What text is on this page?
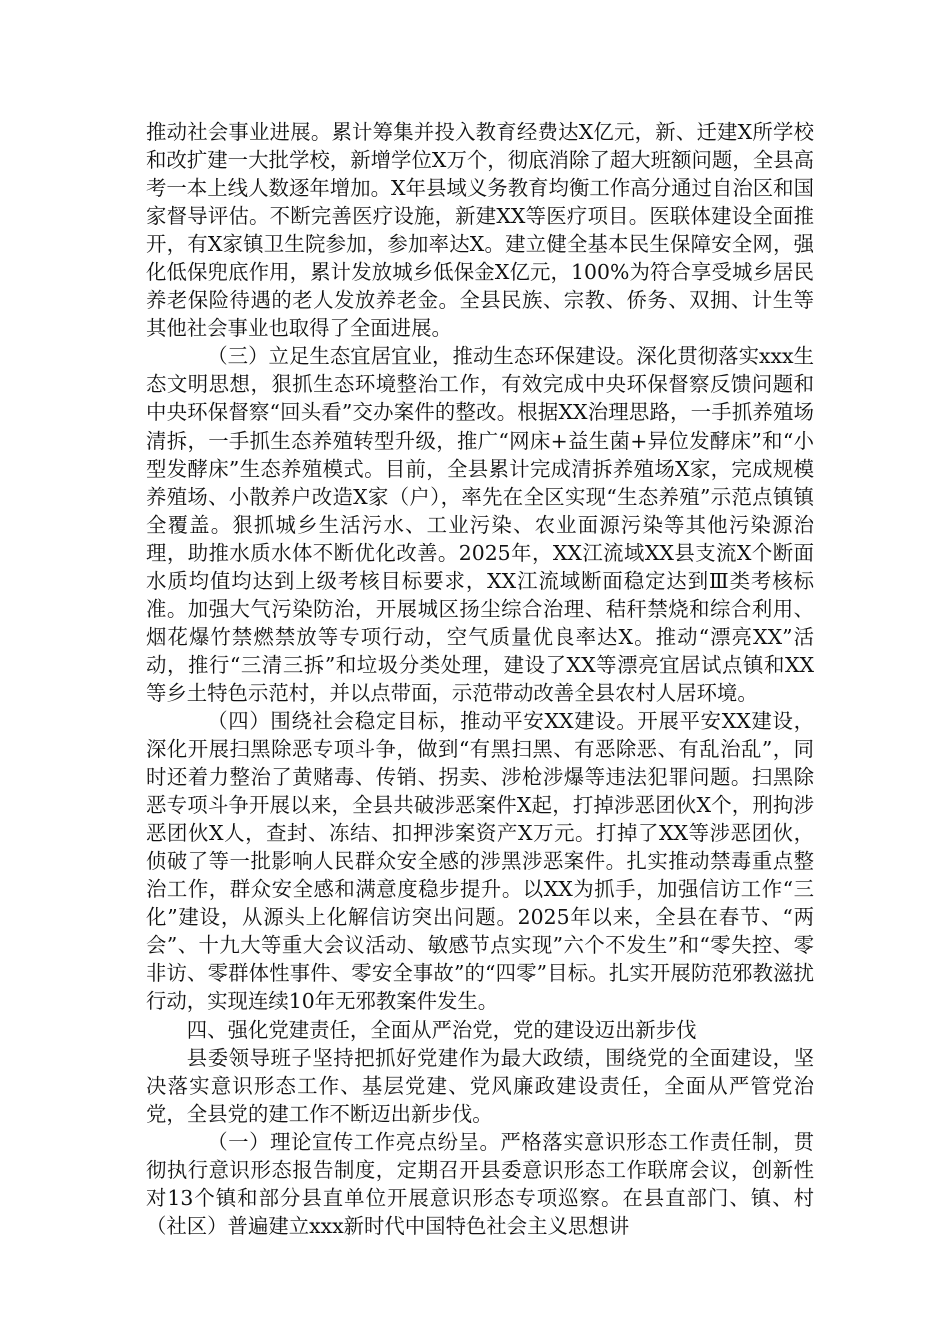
推动社会事业进展。累计筹集并投入教育经费达X亿元，新、迁建X所学校和改扩建一大批学校，新增学位X万个，彻底消除了超大班额问题，全县高考一本上线人数逐年增加。X年县域义务教育均衡工作高分通过自治区和国家督导评估。不断完善医疗设施，新建XX等医疗项目。医联体建设全面推开，有X家镇卫生院参加，参加率达X。建立健全基本民生保障安全网，强化低保兜底作用，累计发放城乡低保金X亿元，100%为符合享受城乡居民养老保险待遇的老人发放养老金。全县民族、宗教、侨务、双拥、计生等其他社会事业也取得了全面进展。

（三）立足生态宜居宜业，推动生态环保建设。深化贯彻落实xxx生态文明思想，狠抓生态环境整治工作，有效完成中央环保督察反馈问题和中央环保督察“回头看”交办案件的整改。根据XX治理思路，一手抓养殖场清拆，一手抓生态养殖转型升级，推广“网床+益生菌+异位发酵床”和“小型发酵床”生态养殖模式。目前，全县累计完成清拆养殖场X家，完成规模养殖场、小散养户改造X家（户），率先在全区实现“生态养殖”示范点镇镇全覆盖。狠抓城乡生活污水、工业污染、农业面源污染等其他污染源治理，助推水质水体不断优化改善。2025年，XX江流域XX县支流X个断面水质均值均达到上级考核目标要求，XX江流域断面稳定达到Ⅲ类考核标准。加强大气污染防治，开展城区扬尘综合治理、秸秆禁烧和综合利用、烟花爆竹禁燃禁放等专项行动，空气质量优良率达X。推动“漂亮XX”活动，推行“三清三拆”和垃圾分类处理，建设了XX等漂亮宜居试点镇和XX等乡土特色示范村，并以点带面，示范带动改善全县农村人居环境。

（四）围绕社会稳定目标，推动平安XX建设。开展平安XX建设，深化开展扫黑除恶专项斗争，做到“有黑扫黑、有恶除恶、有乱治乱”，同时还着力整治了黄赌毒、传销、拐卖、涉枪涉爆等违法犯罪问题。扫黑除恶专项斗争开展以来，全县共破涉恶案件X起，打掉涉恶团伙X个，刑拘涉恶团伙X人，查封、冻结、扣押涉案资产X万元。打掉了XX等涉恶团伙，侦破了等一批影响人民群众安全感的涉黑涉恶案件。扎实推动禁毒重点整治工作，群众安全感和满意度稳步提升。以XX为抓手，加强信访工作“三化”建设，从源头上化解信访突出问题。2025年以来，全县在春节、“两会”、十九大等重大会议活动、敏感节点实现”六个不发生”和“零失控、零非访、零群体性事件、零安全事故”的“四零”目标。扎实开展防范邪教滋扰行动，实现连续10年无邪教案件发生。

四、强化党建责任，全面从严治党，党的建设迈出新步伐

县委领导班子坚持把抓好党建作为最大政绩，围绕党的全面建设，坚决落实意识形态工作、基层党建、党风廉政建设责任，全面从严管党治党，全县党的建工作不断迈出新步伐。

（一）理论宣传工作亮点纷呈。严格落实意识形态工作责任制，贯彻执行意识形态报告制度，定期召开县委意识形态工作联席会议，创新性对13个镇和部分县直单位开展意识形态专项巡察。在县直部门、镇、村（社区）普遍建立xxx新时代中国特色社会主义思想讲
